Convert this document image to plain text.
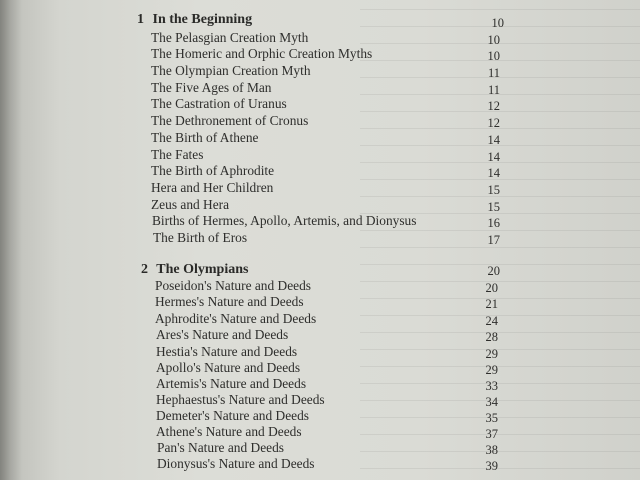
1 In the Beginning	10
The Pelasgian Creation Myth	10
The Homeric and Orphic Creation Myths	10
The Olympian Creation Myth	11
The Five Ages of Man	11
The Castration of Uranus	12
The Dethronement of Cronus	12
The Birth of Athene	14
The Fates	14
The Birth of Aphrodite	14
Hera and Her Children	15
Zeus and Hera	15
Births of Hermes, Apollo, Artemis, and Dionysus	16
The Birth of Eros	17
2 The Olympians	20
Poseidon's Nature and Deeds	20
Hermes's Nature and Deeds	21
Aphrodite's Nature and Deeds	24
Ares's Nature and Deeds	28
Hestia's Nature and Deeds	29
Apollo's Nature and Deeds	29
Artemis's Nature and Deeds	33
Hephaestus's Nature and Deeds	34
Demeter's Nature and Deeds	35
Athene's Nature and Deeds	37
Pan's Nature and Deeds	38
Dionysus's Nature and Deeds	39
